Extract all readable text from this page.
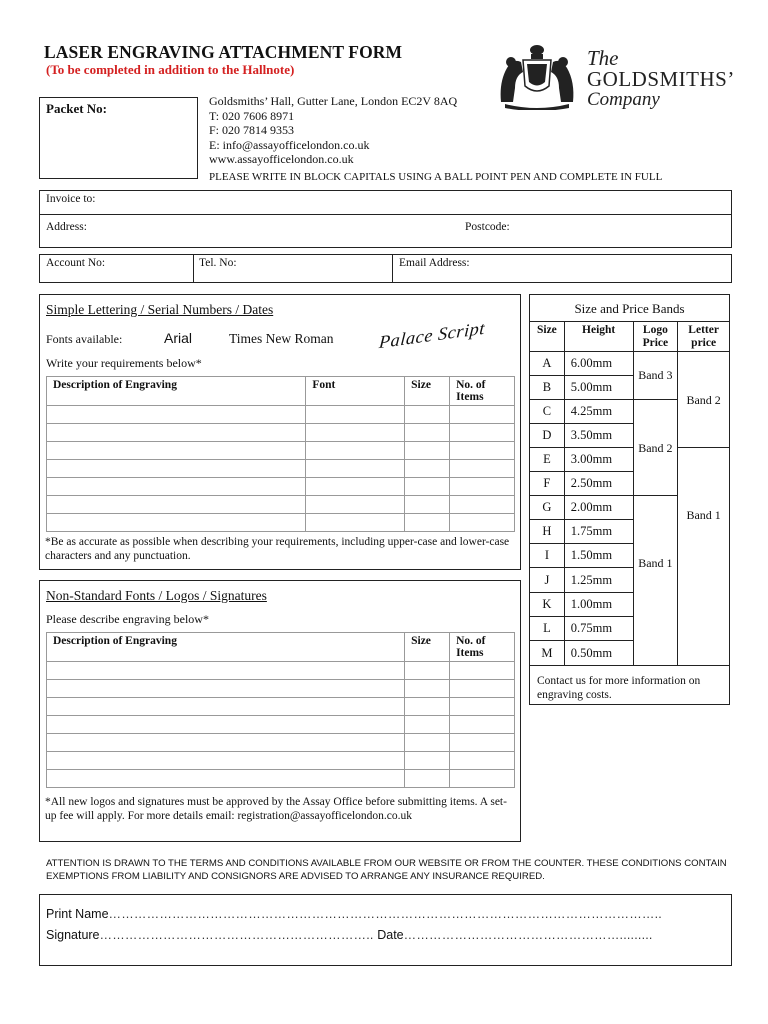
LASER ENGRAVING ATTACHMENT FORM
(To be completed in addition to the Hallnote)	The
GOLDSMITHS’
Company
Packet No:	Goldsmiths’ Hall, Gutter Lane, London EC2V 8AQ
T: 020 7606 8971
F: 020 7814 9353
E: info@assayofficelondon.co.uk
www.assayofficelondon.co.uk
PLEASE WRITE IN BLOCK CAPITALS USING A BALL POINT PEN AND COMPLETE IN FULL
Invoice to:
Address:	Postcode:
Account No:	Tel. No:	Email Address:
Simple Lettering / Serial Numbers / Dates
Fonts available:	Arial	Times New Roman Palace Script
Write your requirements below*
Description of Engraving	Font	Size	No. of Items

*Be as accurate as possible when describing your requirements, including upper-case and lower-case characters and any punctuation.
Non-Standard Fonts / Logos / Signatures
Please describe engraving below*
Description of Engraving	Size	No. of Items

*All new logos and signatures must be approved by the Assay Office before submitting items. A set-up fee will apply. For more details email: registration@assayofficelondon.co.uk
Size and Price Bands
Size	Height	Logo Price	Letter price
A	6.00mm	Band 3	Band 2
B	5.00mm		
C	4.25mm	Band 2	
D	3.50mm		
E	3.00mm		Band 1
F	2.50mm		
G	2.00mm	Band 1	
H	1.75mm		
I	1.50mm		
J	1.25mm		
K	1.00mm		
L	0.75mm		
M	0.50mm		
Contact us for more information on engraving costs.
ATTENTION IS DRAWN TO THE TERMS AND CONDITIONS AVAILABLE FROM OUR WEBSITE OR FROM THE COUNTER. THESE CONDITIONS CONTAIN EXEMPTIONS FROM LIABILITY AND CONSIGNORS ARE ADVISED TO ARRANGE ANY INSURANCE REQUIRED.
Print Name…………………………………………………………………………………………………………………..
Signature……………………………………………………….. Date…………………………………………….........
